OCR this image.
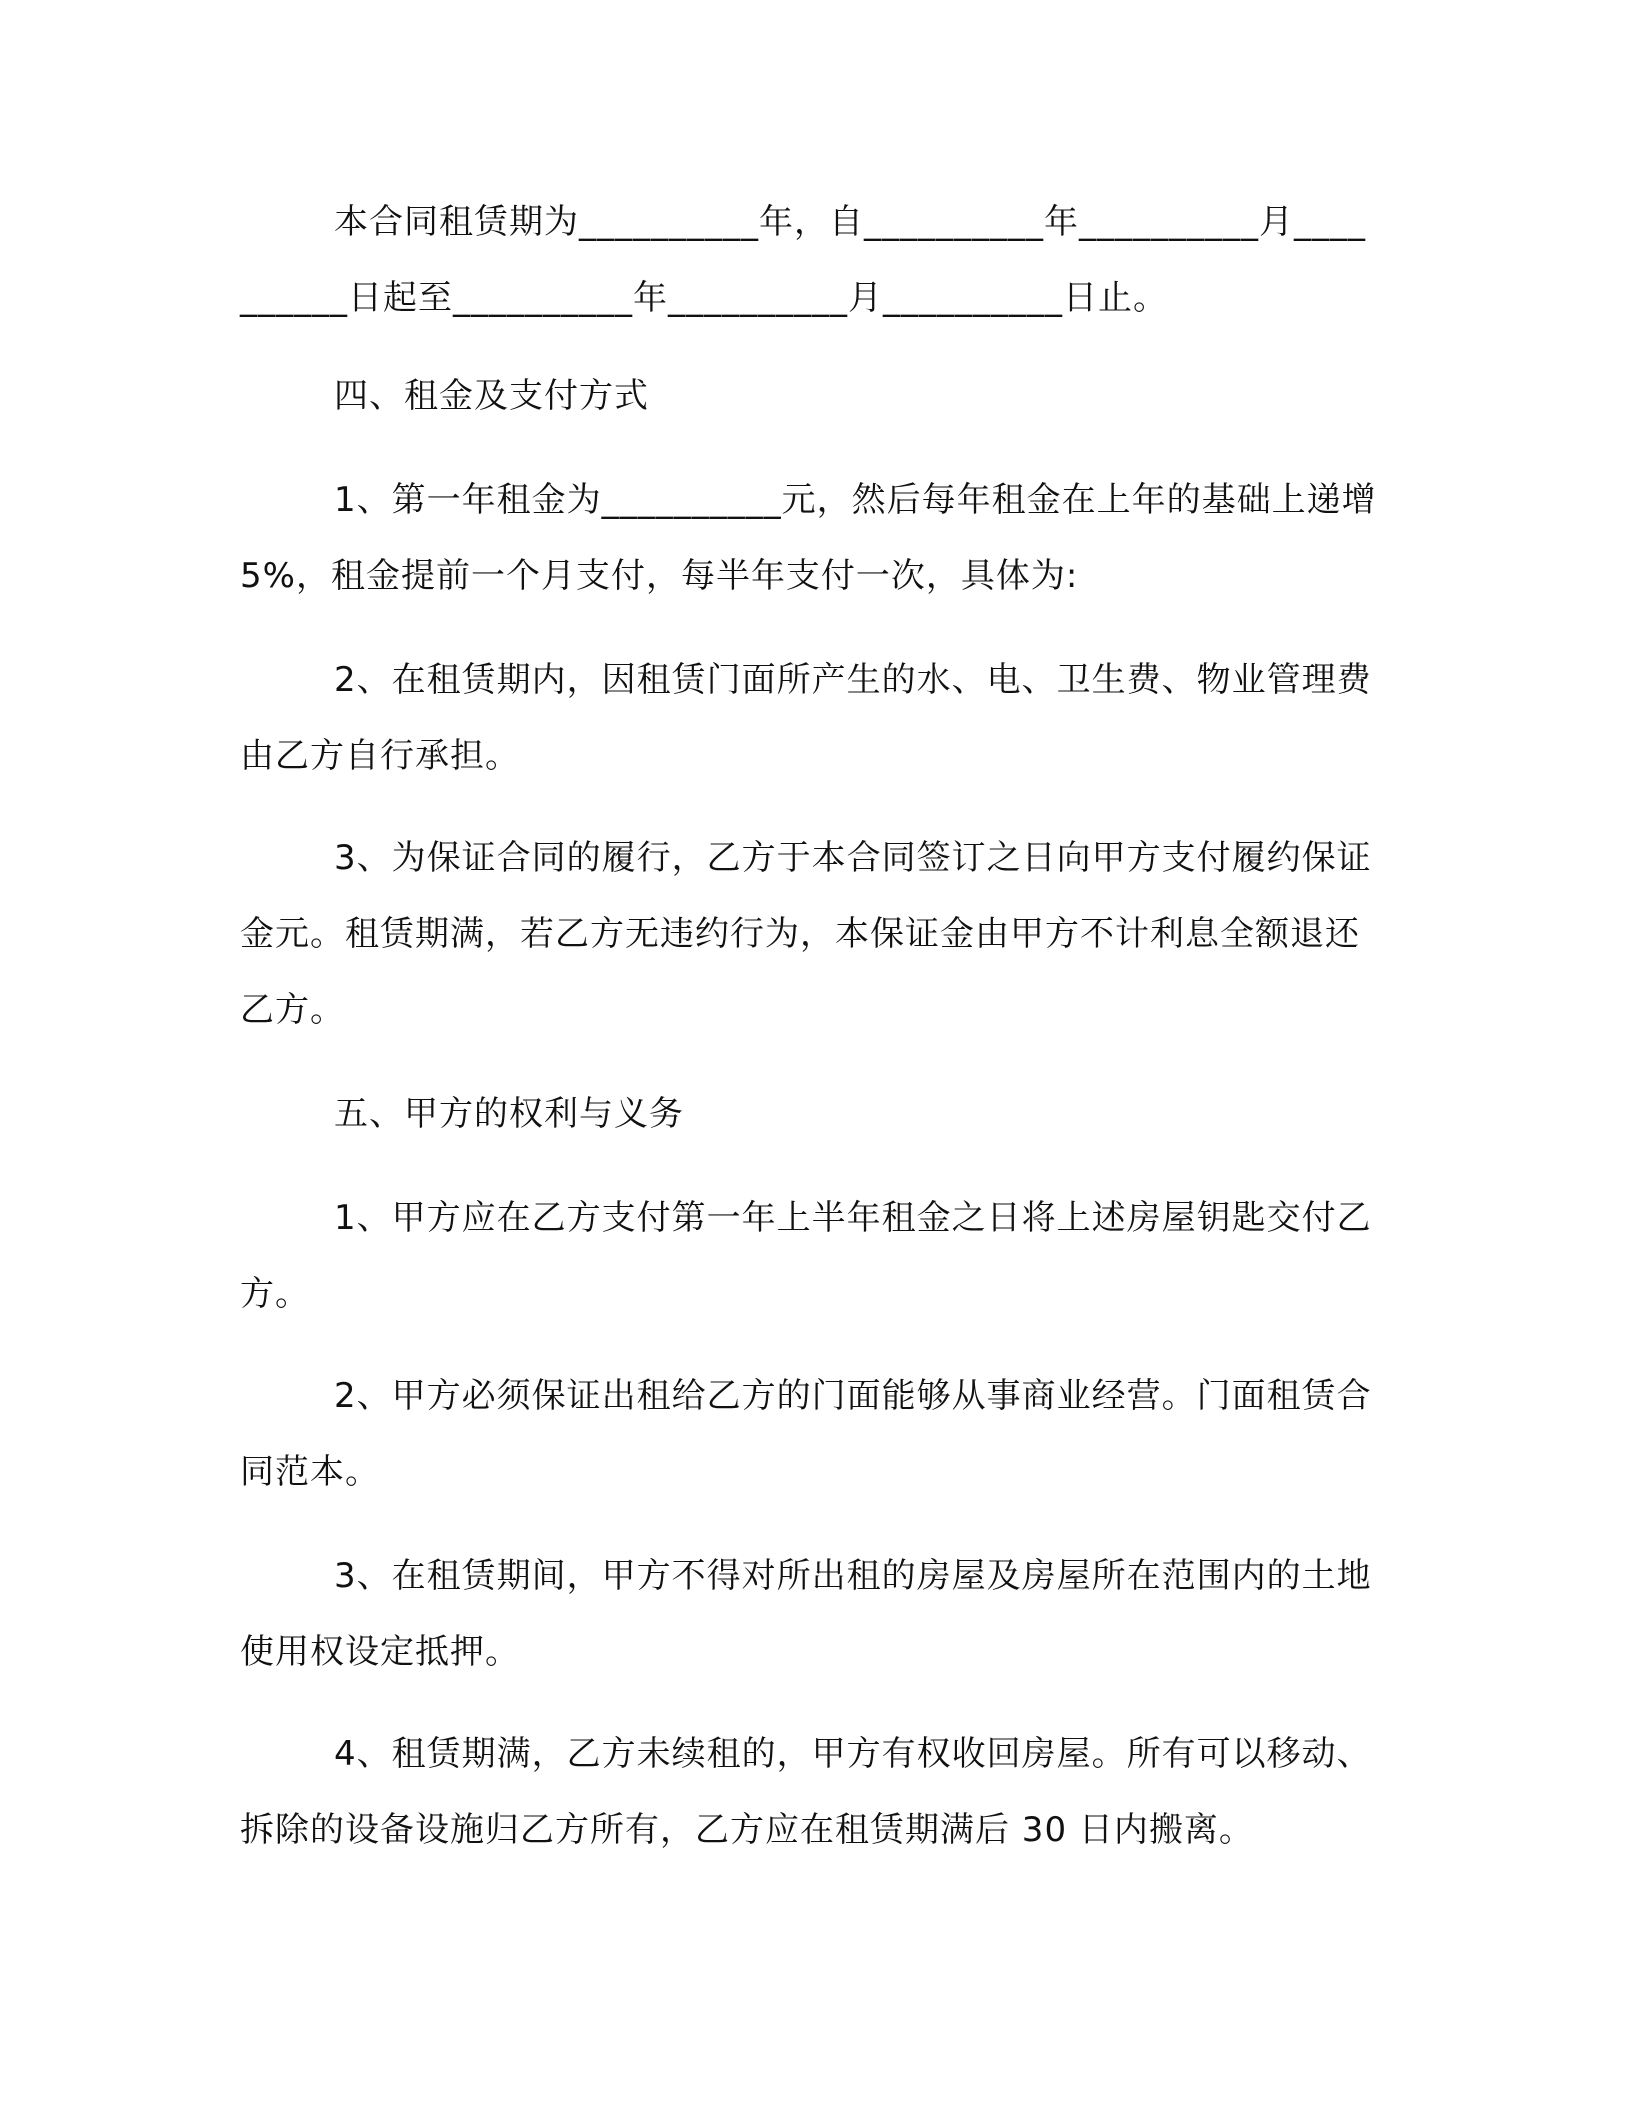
本合同租赁期为__________年，自__________年__________月__________日起至__________年__________月__________日止。

四、租金及支付方式

1、第一年租金为__________元，然后每年租金在上年的基础上递增 5%，租金提前一个月支付，每半年支付一次，具体为:

2、在租赁期内，因租赁门面所产生的水、电、卫生费、物业管理费由乙方自行承担。

3、为保证合同的履行，乙方于本合同签订之日向甲方支付履约保证金元。租赁期满，若乙方无违约行为，本保证金由甲方不计利息全额退还乙方。

五、甲方的权利与义务

1、甲方应在乙方支付第一年上半年租金之日将上述房屋钥匙交付乙方。

2、甲方必须保证出租给乙方的门面能够从事商业经营。门面租赁合同范本。

3、在租赁期间，甲方不得对所出租的房屋及房屋所在范围内的土地使用权设定抵押。

4、租赁期满，乙方未续租的，甲方有权收回房屋。所有可以移动、拆除的设备设施归乙方所有，乙方应在租赁期满后 30 日内搬离。
